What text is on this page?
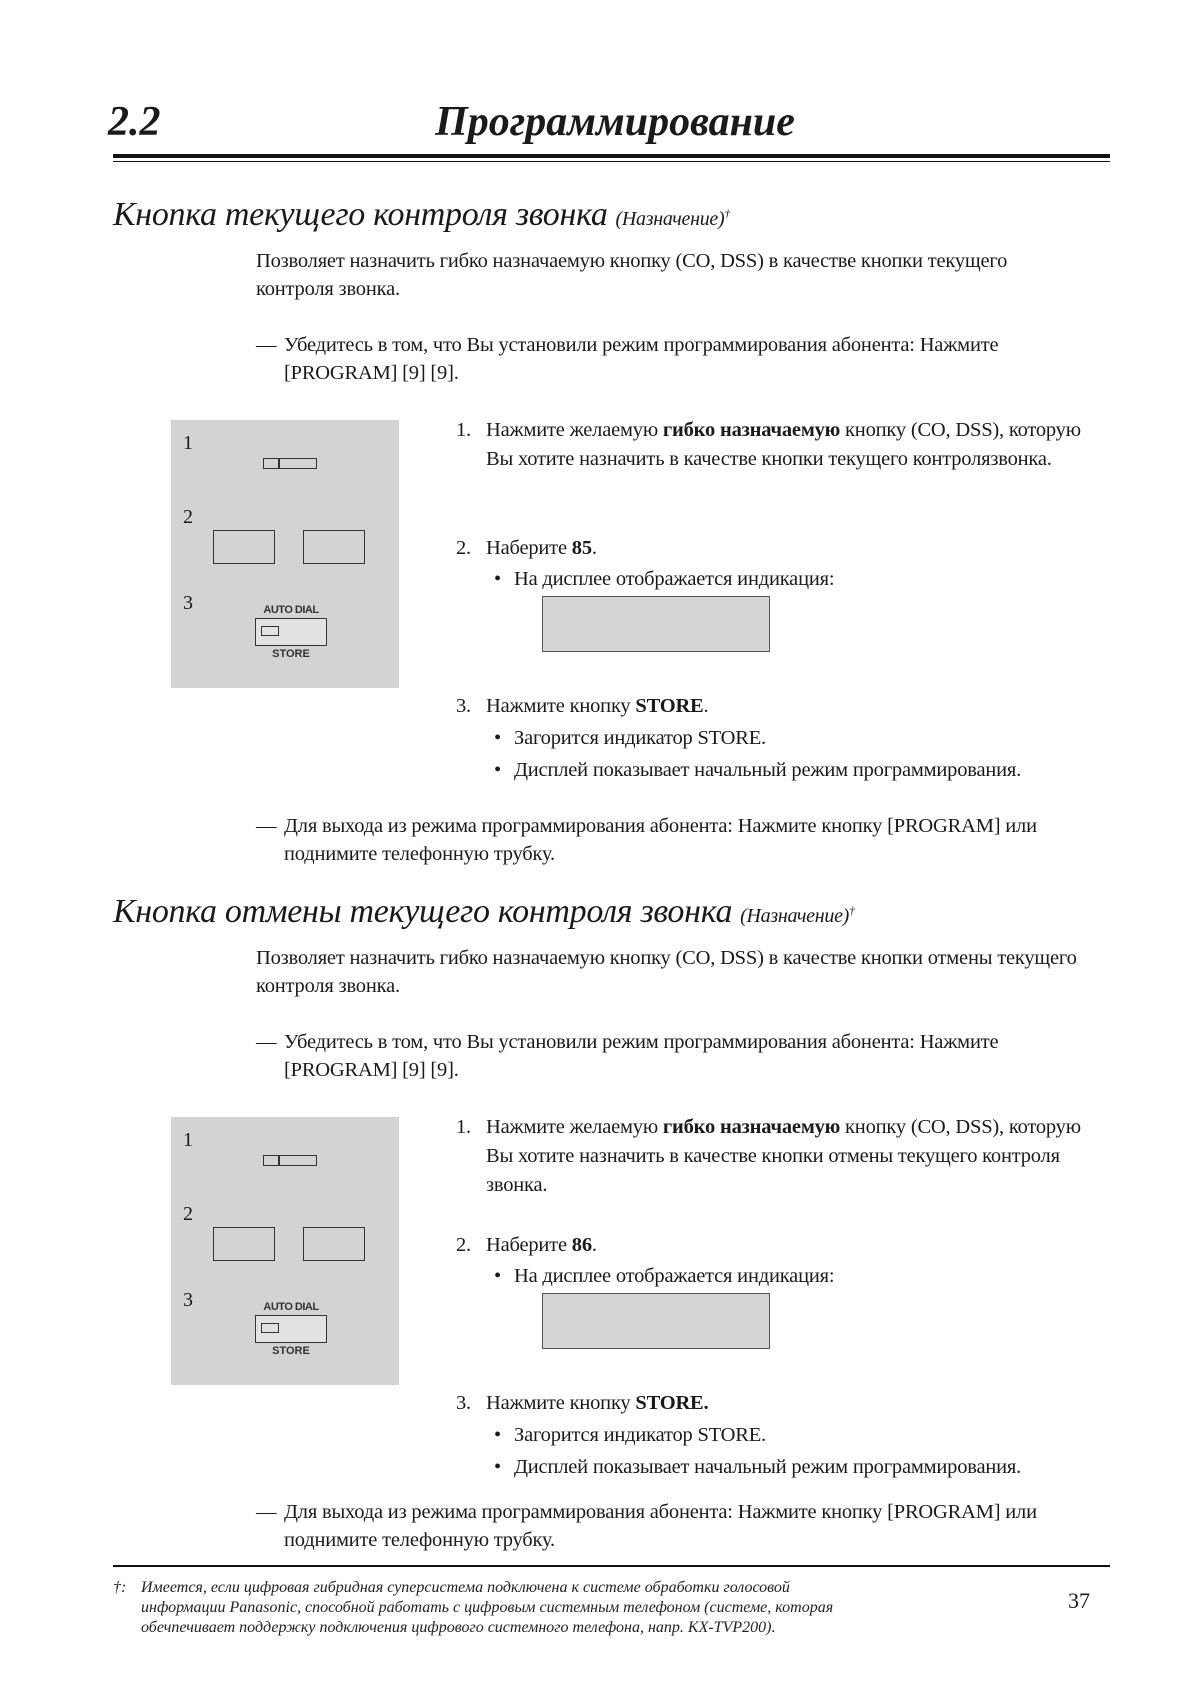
2.2	Программирование
Кнопка текущего контроля звонка (Назначение)†
Позволяет назначить гибко назначаемую кнопку (CO, DSS) в качестве кнопки текущего контроля звонка.
— Убедитесь в том, что Вы установили режим программирования абонента: Нажмите [PROGRAM] [9] [9].
1
2
3	AUTO DIAL
STORE
1. Нажмите желаемую гибко назначаемую кнопку (CO, DSS), которую Вы хотите назначить в качестве кнопки текущего контролязвонка.
2. Наберите 85.
• На дисплее отображается индикация:
3. Нажмите кнопку STORE.
• Загорится индикатор STORE.
• Дисплей показывает начальный режим программирования.
— Для выхода из режима программирования абонента: Нажмите кнопку [PROGRAM] или поднимите телефонную трубку.
Кнопка отмены текущего контроля звонка (Назначение)†
Позволяет назначить гибко назначаемую кнопку (CO, DSS) в качестве кнопки отмены текущего контроля звонка.
— Убедитесь в том, что Вы установили режим программирования абонента: Нажмите [PROGRAM] [9] [9].
1
2
3	AUTO DIAL
STORE
1. Нажмите желаемую гибко назначаемую кнопку (CO, DSS), которую Вы хотите назначить в качестве кнопки отмены текущего контроля звонка.
2. Наберите 86.
• На дисплее отображается индикация:
3. Нажмите кнопку STORE.
• Загорится индикатор STORE.
• Дисплей показывает начальный режим программирования.
— Для выхода из режима программирования абонента: Нажмите кнопку [PROGRAM] или поднимите телефонную трубку.
†: Имеется, если цифровая гибридная суперсистема подключена к системе обработки голосовой информации Panasonic, способной работать с цифровым системным телефоном (системе, которая обечпечивает поддержку подключения цифрового системного телефона, напр. KX-TVP200).
37
